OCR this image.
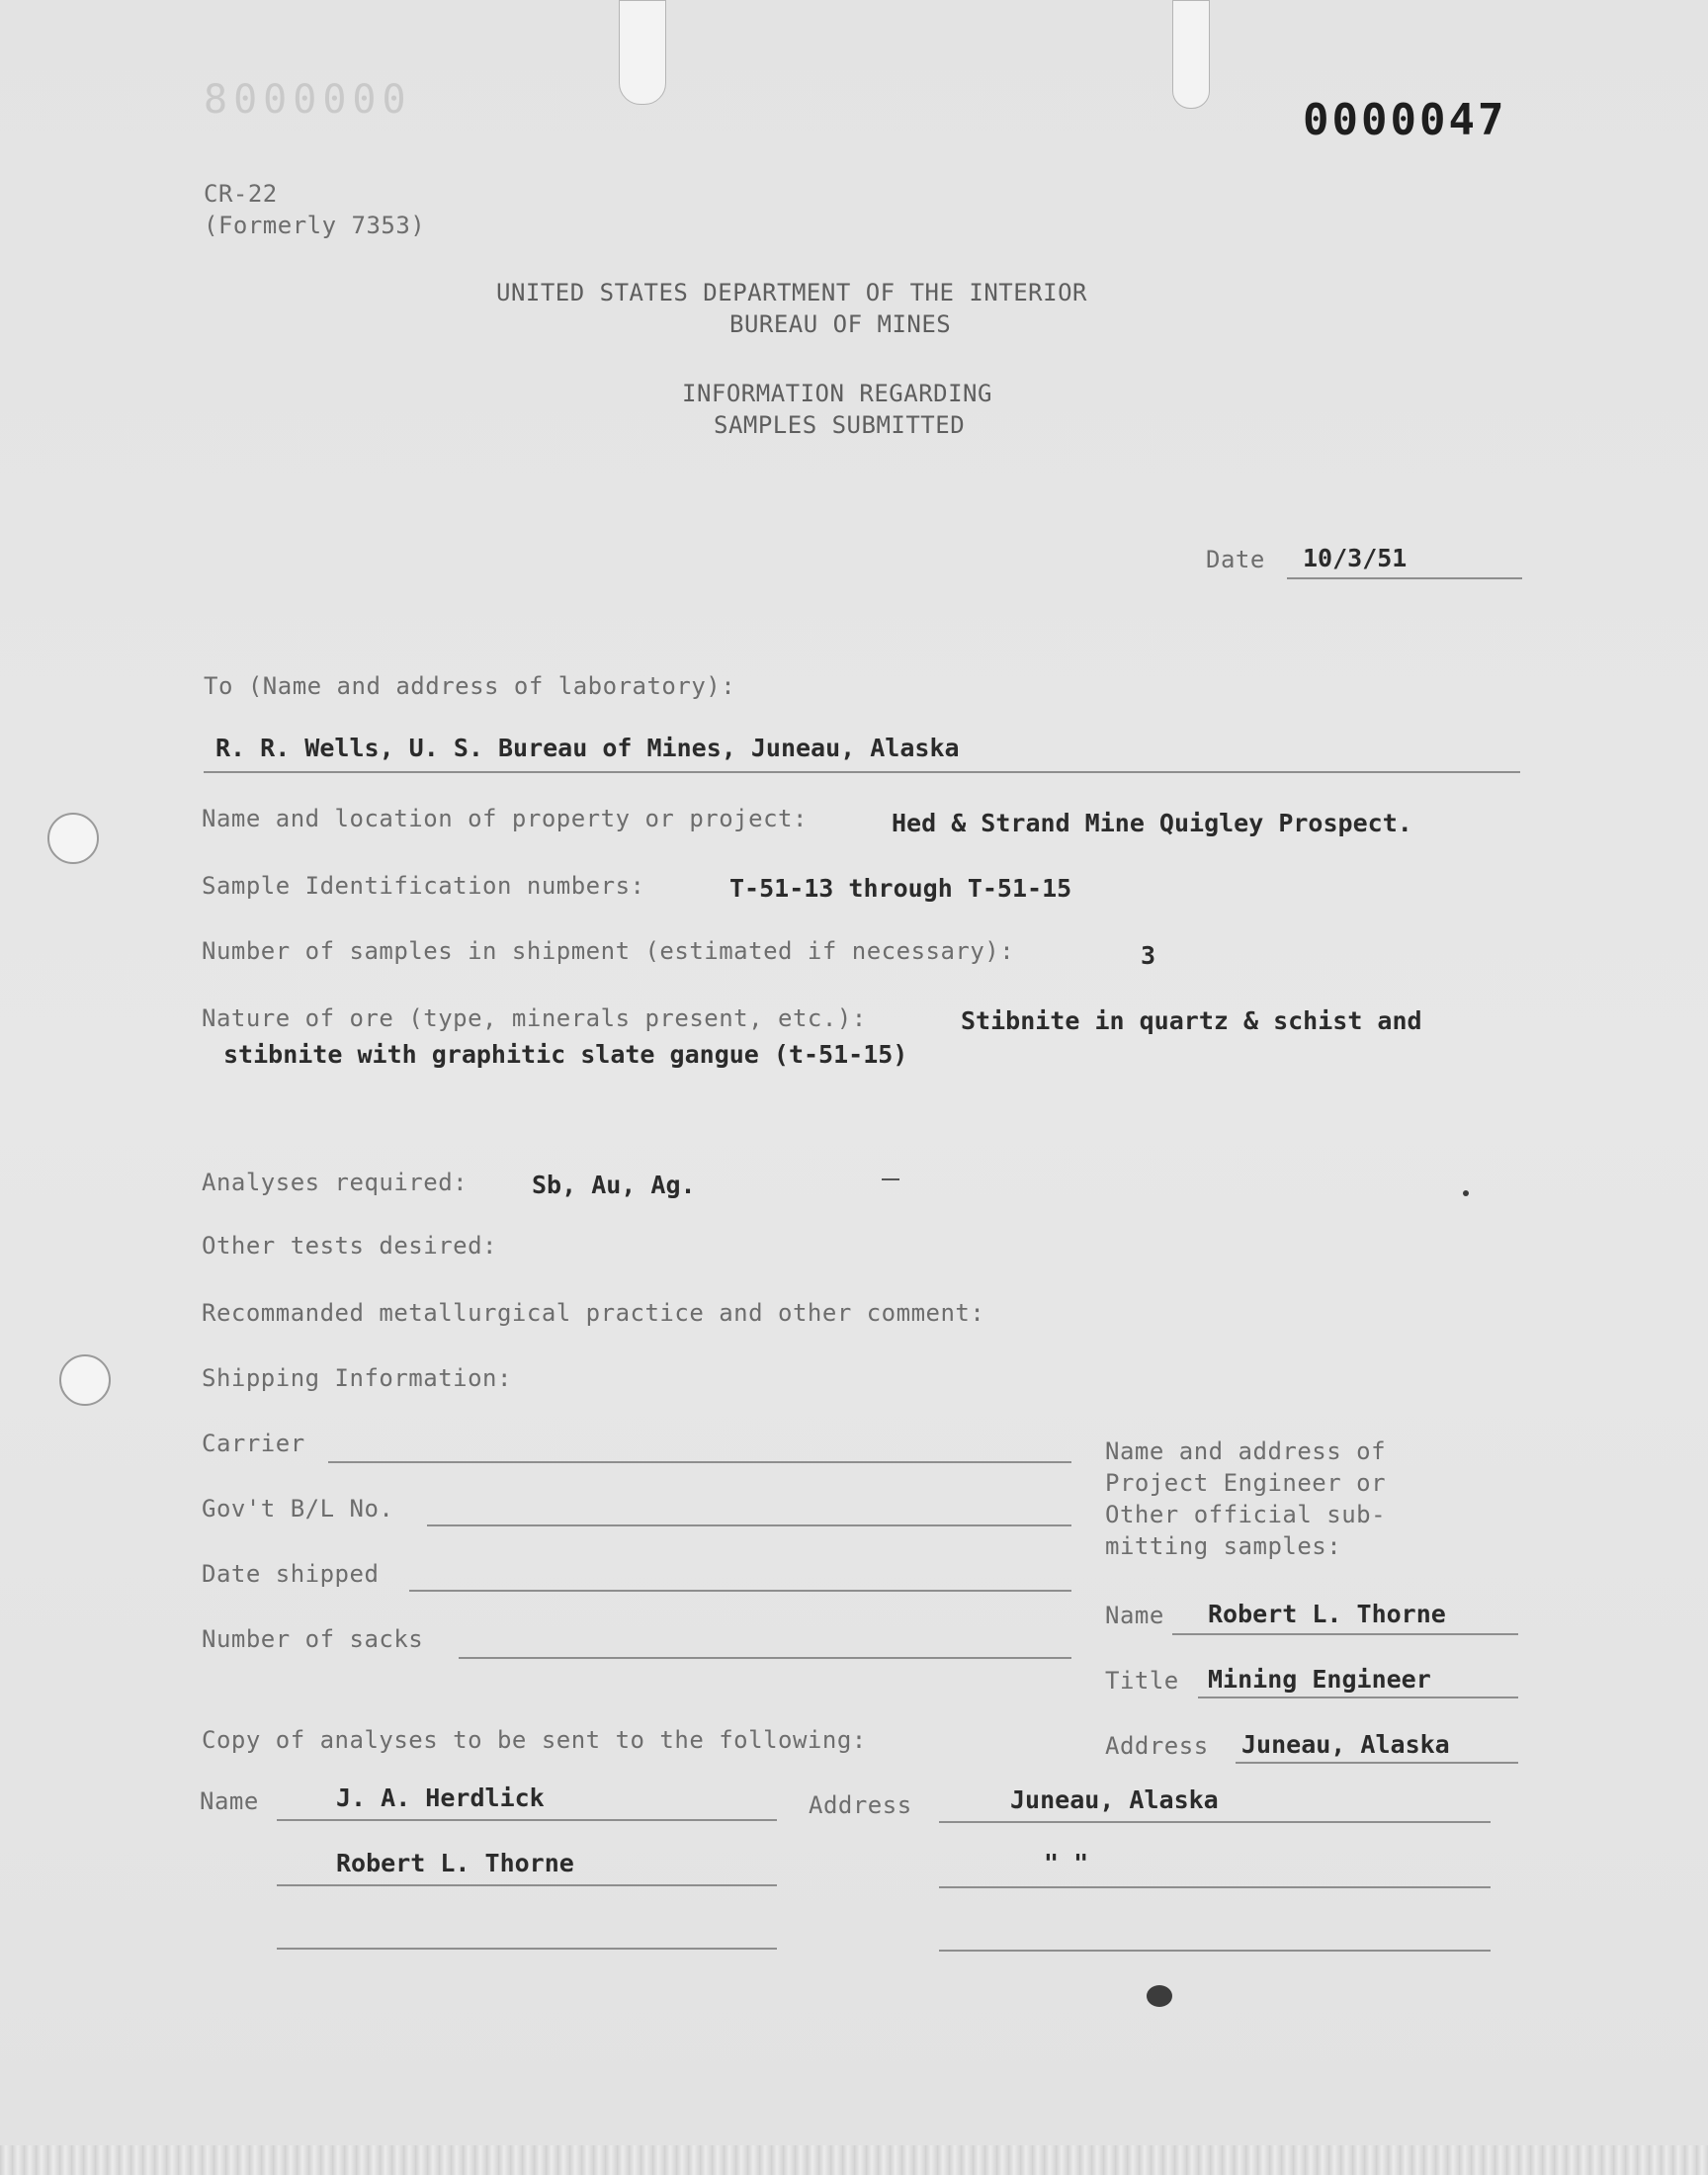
8000000	0000047
CR-22
(Formerly 7353)
UNITED STATES DEPARTMENT OF THE INTERIOR
BUREAU OF MINES
INFORMATION REGARDING
SAMPLES SUBMITTED
Date 10/3/51
To (Name and address of laboratory):
R. R. Wells, U. S. Bureau of Mines, Juneau, Alaska
Name and location of property or project:	Hed & Strand Mine Quigley Prospect.
Sample Identification numbers:	T-51-13 through T-51-15
Number of samples in shipment (estimated if necessary):	3
Nature of ore (type, minerals present, etc.):	Stibnite in quartz & schist and
stibnite with graphitic slate gangue (t-51-15)
Analyses required:	Sb, Au, Ag.
Other tests desired:
Recommanded metallurgical practice and other comment:
Shipping Information:
Carrier
Gov't B/L No.
Date shipped
Number of sacks
Name and address of
Project Engineer or
Other official sub-
mitting samples:
Name Robert L. Thorne
Title Mining Engineer
Address Juneau, Alaska
Copy of analyses to be sent to the following:
Name	Address
J. A. Herdlick	Juneau, Alaska
Robert L. Thorne	" "
